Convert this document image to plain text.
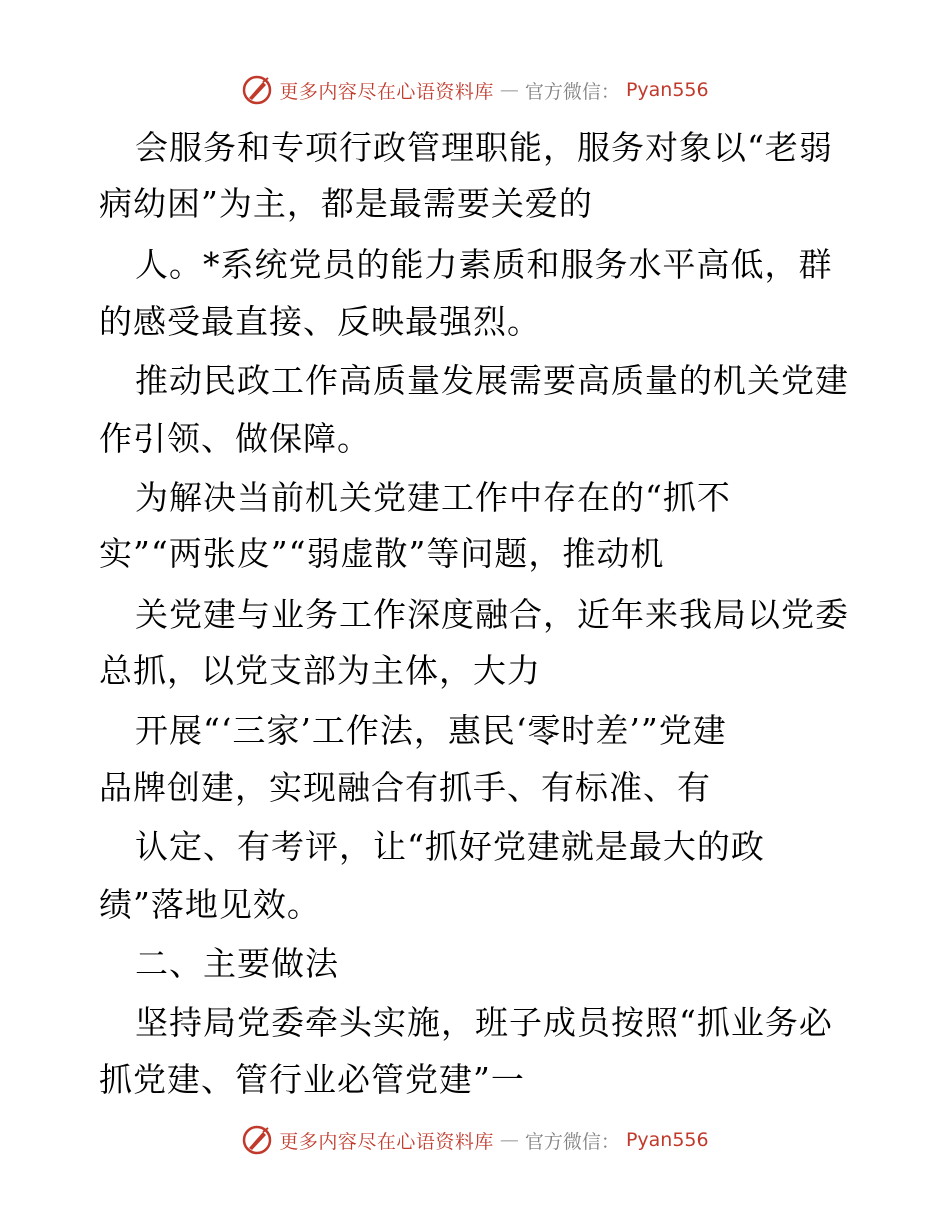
更多内容尽在心语资料库 — 官方微信： Pyan556
会服务和专项行政管理职能，服务对象以“老弱
病幼困”为主，都是最需要关爱的
人。*系统党员的能力素质和服务水平高低，群
的感受最直接、反映最强烈。
推动民政工作高质量发展需要高质量的机关党建
作引领、做保障。
为解决当前机关党建工作中存在的“抓不
实”“两张皮”“弱虚散”等问题，推动机
关党建与业务工作深度融合，近年来我局以党委
总抓，以党支部为主体，大力
开展“‘三家’工作法，惠民‘零时差’”党建
品牌创建，实现融合有抓手、有标准、有
认定、有考评，让“抓好党建就是最大的政
绩”落地见效。
二、主要做法
坚持局党委牵头实施，班子成员按照“抓业务必
抓党建、管行业必管党建”一
更多内容尽在心语资料库 — 官方微信： Pyan556
